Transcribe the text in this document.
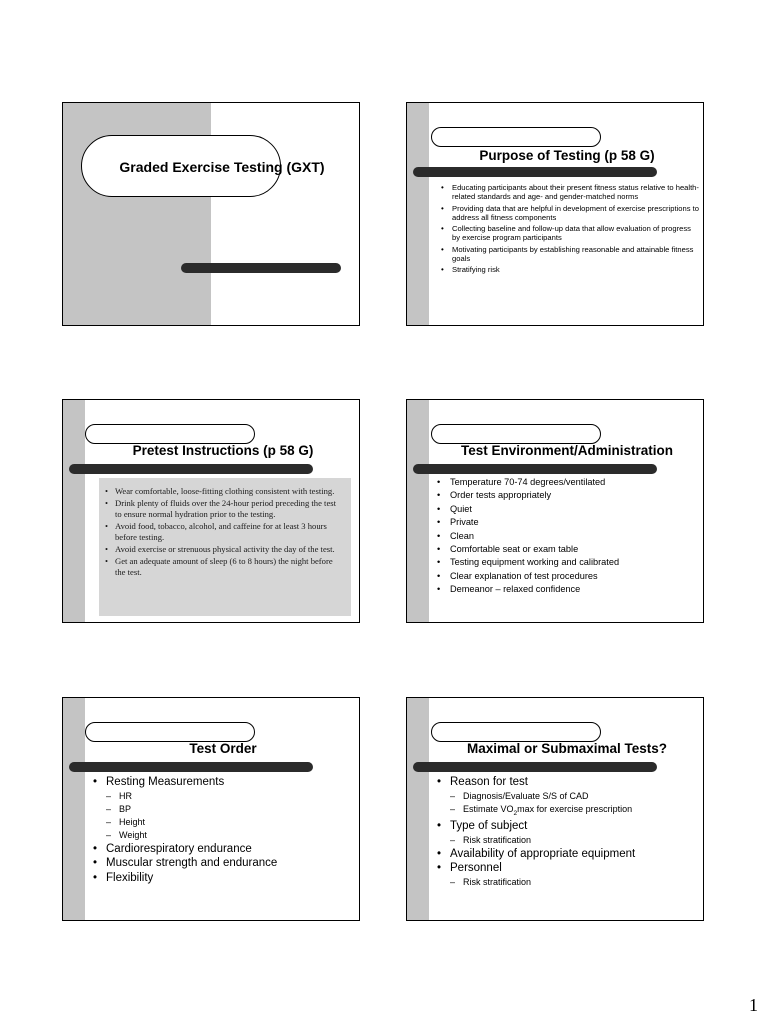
Graded Exercise Testing (GXT)
Purpose of Testing (p 58 G)
• Educating participants about their present fitness status relative to health-related standards and age- and gender-matched norms
• Providing data that are helpful in development of exercise prescriptions to address all fitness components
• Collecting baseline and follow-up data that allow evaluation of progress by exercise program participants
• Motivating participants by establishing reasonable and attainable fitness goals
• Stratifying risk
Pretest Instructions (p 58 G)
• Wear comfortable, loose-fitting clothing consistent with testing.
• Drink plenty of fluids over the 24-hour period preceding the test to ensure normal hydration prior to the testing.
• Avoid food, tobacco, alcohol, and caffeine for at least 3 hours before testing.
• Avoid exercise or strenuous physical activity the day of the test.
• Get an adequate amount of sleep (6 to 8 hours) the night before the test.
Test Environment/Administration
• Temperature 70-74 degrees/ventilated
• Order tests appropriately
• Quiet
• Private
• Clean
• Comfortable seat or exam table
• Testing equipment working and calibrated
• Clear explanation of test procedures
• Demeanor – relaxed confidence
Test Order
• Resting Measurements
– HR
– BP
– Height
– Weight
• Cardiorespiratory endurance
• Muscular strength and endurance
• Flexibility
Maximal or Submaximal Tests?
• Reason for test
– Diagnosis/Evaluate S/S of CAD
– Estimate $VO_2\max$ for exercise prescription
• Type of subject
– Risk stratification
• Availability of appropriate equipment
• Personnel
– Risk stratification
1
